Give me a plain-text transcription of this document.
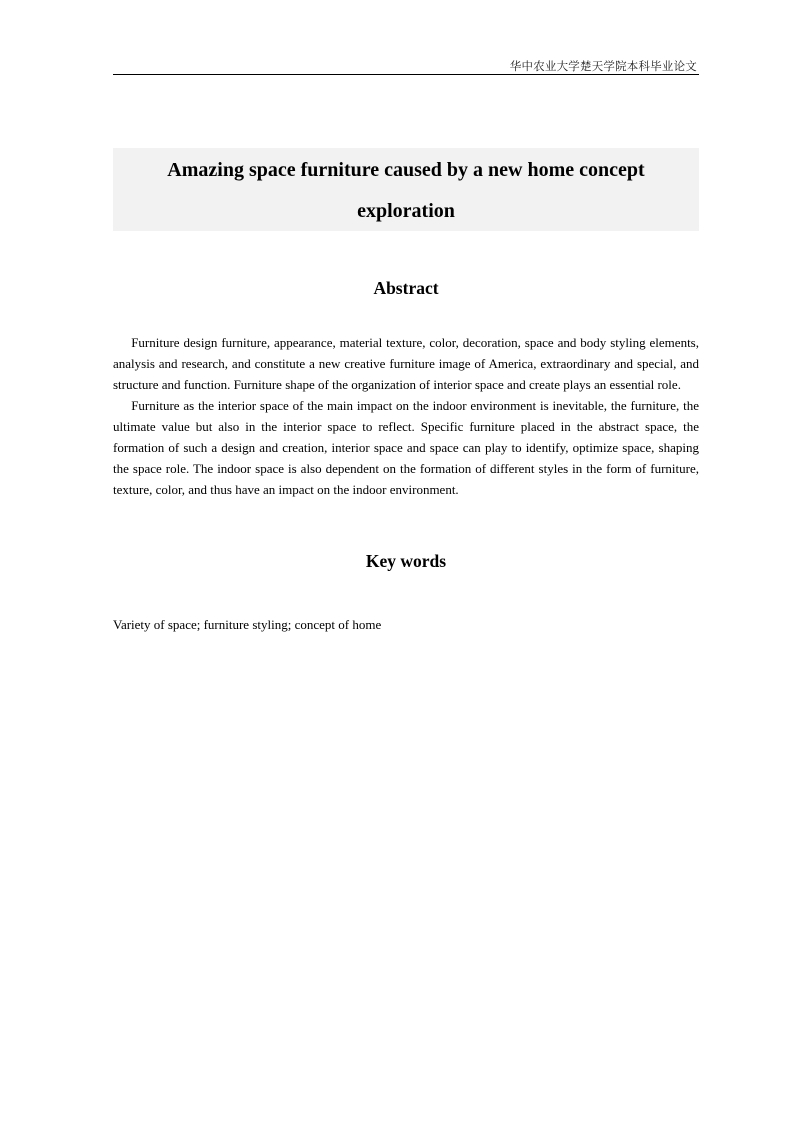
华中农业大学楚天学院本科毕业论文
Amazing space furniture caused by a new home concept
exploration
Abstract

Furniture design furniture, appearance, material texture, color, decoration, space and body styling elements, analysis and research, and constitute a new creative furniture image of America, extraordinary and special, and structure and function. Furniture shape of the organization of interior space and create plays an essential role.

Furniture as the interior space of the main impact on the indoor environment is inevitable, the furniture, the ultimate value but also in the interior space to reflect. Specific furniture placed in the abstract space, the formation of such a design and creation, interior space and space can play to identify, optimize space, shaping the space role. The indoor space is also dependent on the formation of different styles in the form of furniture, texture, color, and thus have an impact on the indoor environment.

Key words
Variety of space; furniture styling; concept of home
